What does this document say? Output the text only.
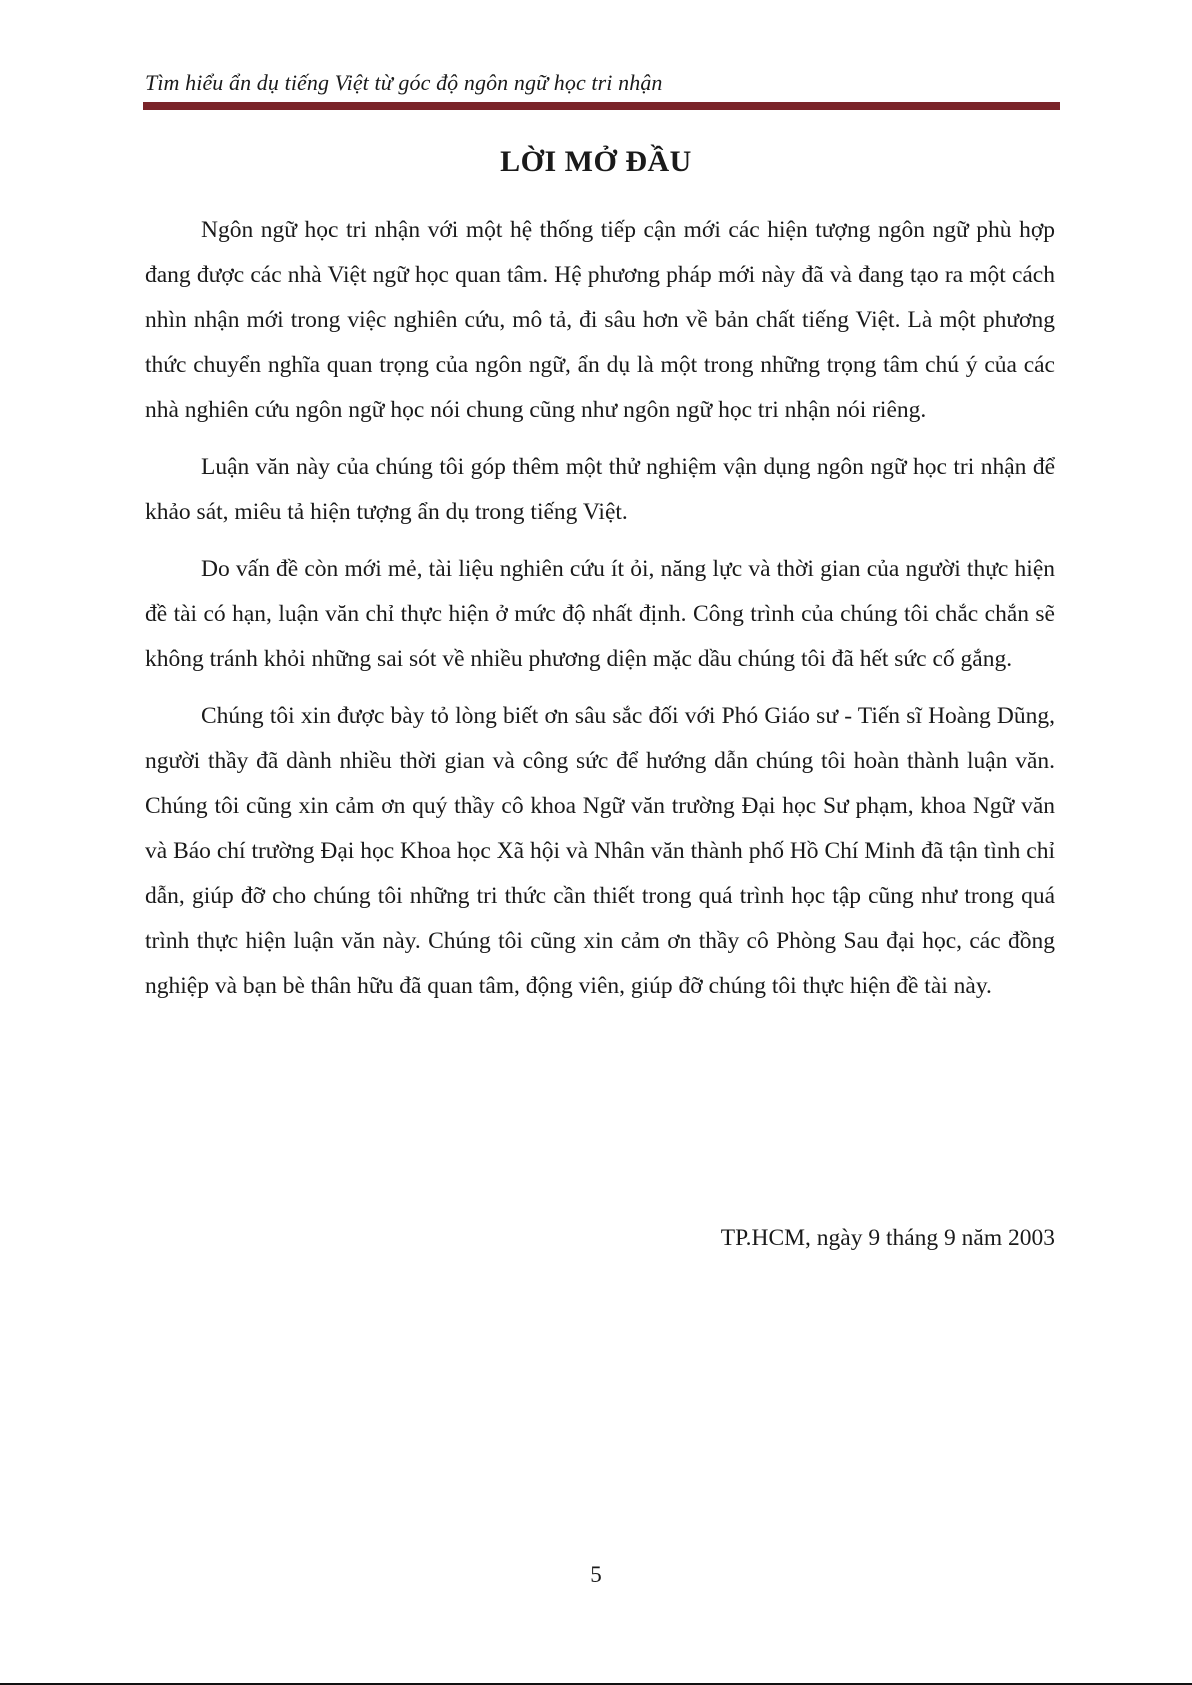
Tìm hiểu ẩn dụ tiếng Việt từ góc độ ngôn ngữ học tri nhận
LỜI MỞ ĐẦU

Ngôn ngữ học tri nhận với một hệ thống tiếp cận mới các hiện tượng ngôn ngữ phù hợp đang được các nhà Việt ngữ học quan tâm. Hệ phương pháp mới này đã và đang tạo ra một cách nhìn nhận mới trong việc nghiên cứu, mô tả, đi sâu hơn về bản chất tiếng Việt. Là một phương thức chuyển nghĩa quan trọng của ngôn ngữ, ẩn dụ là một trong những trọng tâm chú ý của các nhà nghiên cứu ngôn ngữ học nói chung cũng như ngôn ngữ học tri nhận nói riêng.

Luận văn này của chúng tôi góp thêm một thử nghiệm vận dụng ngôn ngữ học tri nhận để khảo sát, miêu tả hiện tượng ẩn dụ trong tiếng Việt.

Do vấn đề còn mới mẻ, tài liệu nghiên cứu ít ỏi, năng lực và thời gian của người thực hiện đề tài có hạn, luận văn chỉ thực hiện ở mức độ nhất định. Công trình của chúng tôi chắc chắn sẽ không tránh khỏi những sai sót về nhiều phương diện mặc dầu chúng tôi đã hết sức cố gắng.

Chúng tôi xin được bày tỏ lòng biết ơn sâu sắc đối với Phó Giáo sư - Tiến sĩ Hoàng Dũng, người thầy đã dành nhiều thời gian và công sức để hướng dẫn chúng tôi hoàn thành luận văn. Chúng tôi cũng xin cảm ơn quý thầy cô khoa Ngữ văn trường Đại học Sư phạm, khoa Ngữ văn và Báo chí trường Đại học Khoa học Xã hội và Nhân văn thành phố Hồ Chí Minh đã tận tình chỉ dẫn, giúp đỡ cho chúng tôi những tri thức cần thiết trong quá trình học tập cũng như trong quá trình thực hiện luận văn này. Chúng tôi cũng xin cảm ơn thầy cô Phòng Sau đại học, các đồng nghiệp và bạn bè thân hữu đã quan tâm, động viên, giúp đỡ chúng tôi thực hiện đề tài này.

TP.HCM, ngày 9 tháng 9 năm 2003
5
